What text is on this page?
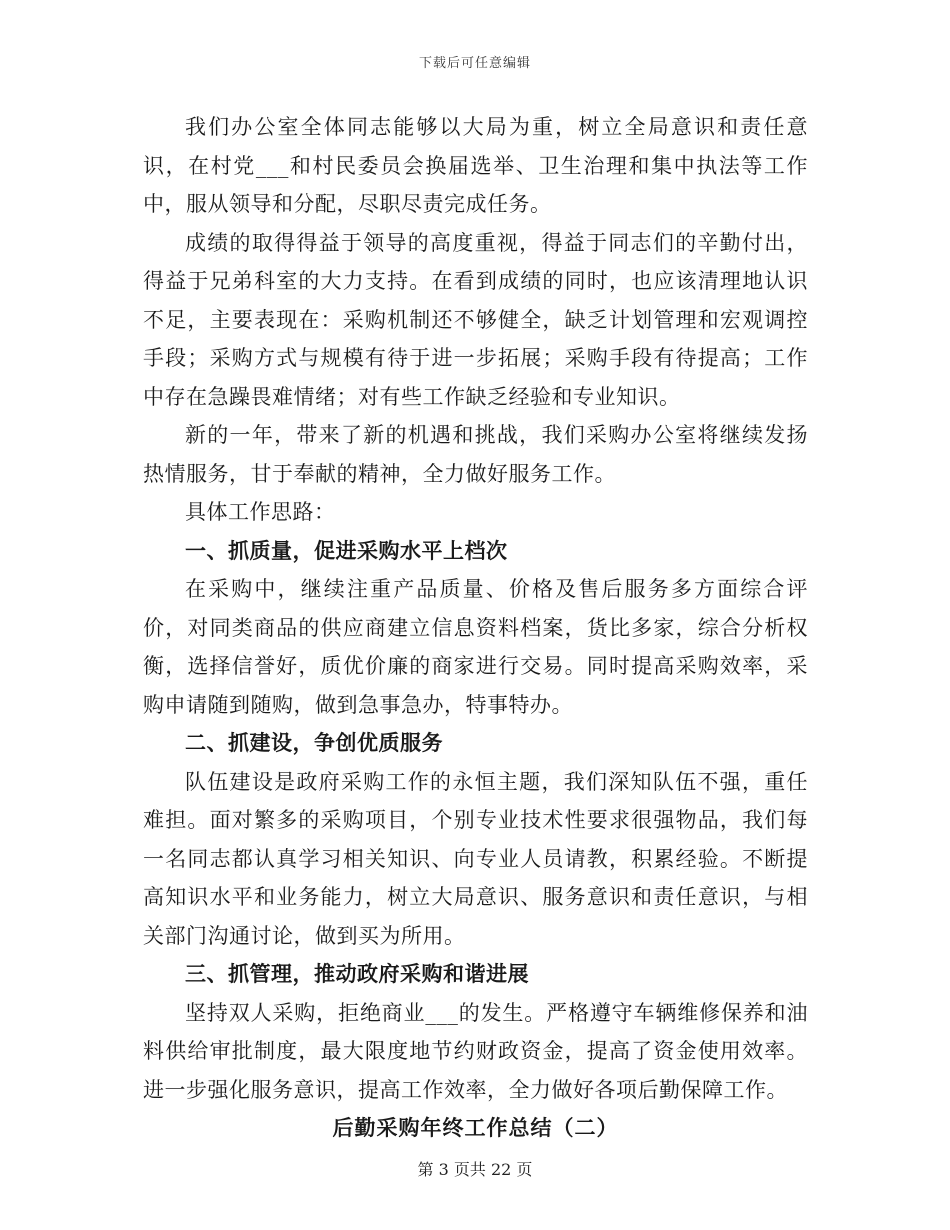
下载后可任意编辑

我们办公室全体同志能够以大局为重，树立全局意识和责任意识，在村党___和村民委员会换届选举、卫生治理和集中执法等工作中，服从领导和分配，尽职尽责完成任务。

成绩的取得得益于领导的高度重视，得益于同志们的辛勤付出，得益于兄弟科室的大力支持。在看到成绩的同时，也应该清理地认识不足，主要表现在：采购机制还不够健全，缺乏计划管理和宏观调控手段；采购方式与规模有待于进一步拓展；采购手段有待提高；工作中存在急躁畏难情绪；对有些工作缺乏经验和专业知识。

新的一年，带来了新的机遇和挑战，我们采购办公室将继续发扬热情服务，甘于奉献的精神，全力做好服务工作。

具体工作思路：

一、抓质量，促进采购水平上档次

在采购中，继续注重产品质量、价格及售后服务多方面综合评价，对同类商品的供应商建立信息资料档案，货比多家，综合分析权衡，选择信誉好，质优价廉的商家进行交易。同时提高采购效率，采购申请随到随购，做到急事急办，特事特办。

二、抓建设，争创优质服务

队伍建设是政府采购工作的永恒主题，我们深知队伍不强，重任难担。面对繁多的采购项目，个别专业技术性要求很强物品，我们每一名同志都认真学习相关知识、向专业人员请教，积累经验。不断提高知识水平和业务能力，树立大局意识、服务意识和责任意识，与相关部门沟通讨论，做到买为所用。

三、抓管理，推动政府采购和谐进展

坚持双人采购，拒绝商业___的发生。严格遵守车辆维修保养和油料供给审批制度，最大限度地节约财政资金，提高了资金使用效率。进一步强化服务意识，提高工作效率，全力做好各项后勤保障工作。

后勤采购年终工作总结（二）

第 3 页共 22 页
